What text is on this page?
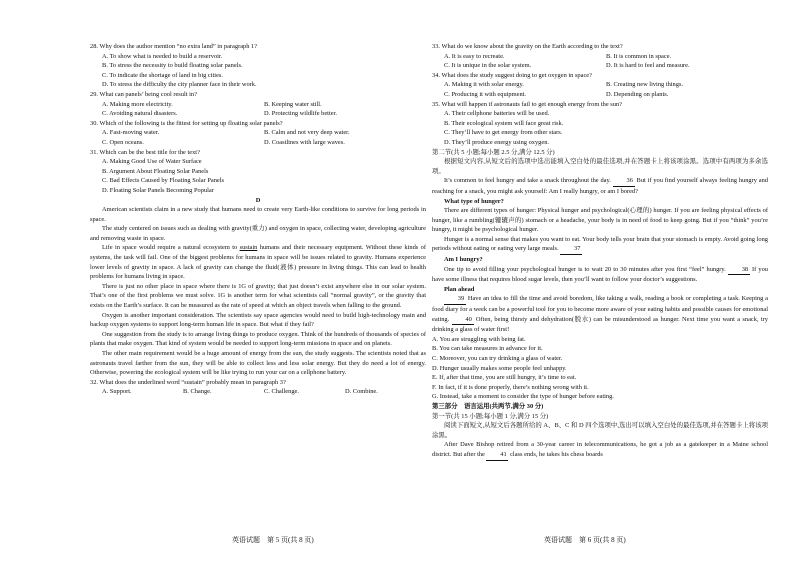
28. Why does the author mention “no extra land” in paragraph 1?
A. To show what is needed to build a reservoir.
B. To stress the necessity to build floating solar panels.
C. To indicate the shortage of land in big cities.
D. To stress the difficulty the city planner face in their work.
29. What can panels’ being cool result in?
A. Making more electricity.	B. Keeping water still.
C. Avoiding natural disasters.	D. Protecting wildlife better.
30. Which of the following is the fittest for setting up floating solar panels?
A. Fast-moving water.	B. Calm and not very deep water.
C. Open oceans.	D. Coastlines with large waves.
31. Which can be the best title for the text?
A. Making Good Use of Water Surface
B. Argument About Floating Solar Panels
C. Bad Effects Caused by Floating Solar Panels
D. Floating Solar Panels Becoming Popular
D
American scientists claim in a new study that humans need to create very Earth-like conditions to survive for long periods in space.
The study centered on issues such as dealing with gravity(重力) and oxygen in space, collecting water, developing agriculture and removing waste in space.
Life in space would require a natural ecosystem to sustain humans and their necessary equipment. Without these kinds of systems, the task will fail. One of the biggest problems for humans in space will be issues related to gravity. Humans experience lower levels of gravity in space. A lack of gravity can change the fluid(液体) pressure in living things. This can lead to health problems for humans living in space.
There is just no other place in space where there is 1G of gravity; that just doesn’t exist anywhere else in our solar system. That’s one of the first problems we must solve. 1G is another term for what scientists call “normal gravity”, or the gravity that exists on the Earth’s surface. It can be measured as the rate of speed at which an object travels when falling to the ground.
Oxygen is another important consideration. The scientists say space agencies would need to build high-technology main and backup oxygen systems to support long-term human life in space. But what if they fail?
One suggestion from the study is to arrange living things to produce oxygen. Think of the hundreds of thousands of species of plants that make oxygen. That kind of system would be needed to support long-term missions in space and on planets.
The other main requirement would be a huge amount of energy from the sun, the study suggests. The scientists noted that as astronauts travel farther from the sun, they will be able to collect less and less solar energy. But they do need a lot of energy. Otherwise, powering the ecological system will be like trying to run your car on a cellphone battery.
32. What does the underlined word “sustain” probably mean in paragraph 3?
A. Support.	B. Change.	C. Challenge.	D. Combine.
33. What do we know about the gravity on the Earth according to the text?
A. It is easy to recreate.	B. It is common in space.
C. It is unique in the solar system.	D. It is hard to feel and measure.
34. What does the study suggest doing to get oxygen in space?
A. Making it with solar energy.	B. Creating new living things.
C. Producing it with equipment.	D. Depending on plants.
35. What will happen if astronauts fail to get enough energy from the sun?
A. Their cellphone batteries will be used.
B. Their ecological system will face great risk.
C. They’ll have to get energy from other stars.
D. They’ll produce energy using oxygen.
第二节(共 5 小题;每小题 2.5 分,满分 12.5 分)
根据短文内容,从短文后的选项中选出能填入空白处的最佳选项,并在答题卡上将该项涂黑。选项中有两项为多余选项。
It’s common to feel hungry and take a snack throughout the day. 36 But if you find yourself always feeling hungry and reaching for a snack, you might ask yourself: Am I really hungry, or am I bored?
What type of hunger?
There are different types of hunger: Physical hunger and psychological(心理的) hunger. If you are feeling physical effects of hunger, like a rumbling(辘辘声的) stomach or a headache, your body is in need of food to keep going. But if you “think” you’re hungry, it might be psychological hunger.
Hunger is a normal sense that makes you want to eat. Your body tells your brain that your stomach is empty. Avoid going long periods without eating or eating very large meals. 37
Am I hungry?
One tip to avoid filling your psychological hunger is to wait 20 to 30 minutes after you first “feel” hungry. 38 If you have some illness that requires blood sugar levels, then you’ll want to follow your doctor’s suggestions.
Plan ahead
39 Have an idea to fill the time and avoid boredom, like taking a walk, reading a book or completing a task. Keeping a food diary for a week can be a powerful tool for you to become more aware of your eating habits and possible causes for emotional eating. 40 Often, being thirsty and dehydration(脱水) can be misunderstood as hunger. Next time you want a snack, try drinking a glass of water first!
A. You are struggling with being fat.
B. You can take measures in advance for it.
C. Moreover, you can try drinking a glass of water.
D. Hunger usually makes some people feel unhappy.
E. If, after that time, you are still hungry, it’s time to eat.
F. In fact, if it is done properly, there’s nothing wrong with it.
G. Instead, take a moment to consider the type of hunger before eating.
第三部分　语言运用(共两节,满分 30 分)
第一节(共 15 小题;每小题 1 分,满分 15 分)
阅读下面短文,从短文后各题所给的 A、B、C 和 D 四个选项中,选出可以填入空白处的最佳选项,并在答题卡上将该项涂黑。
After Dave Bishop retired from a 30-year career in telecommunications, he got a job as a gatekeeper in a Maine school district. But after the 41 class ends, he takes his chess boards
英语试题　第 5 页(共 8 页)	英语试题　第 6 页(共 8 页)
